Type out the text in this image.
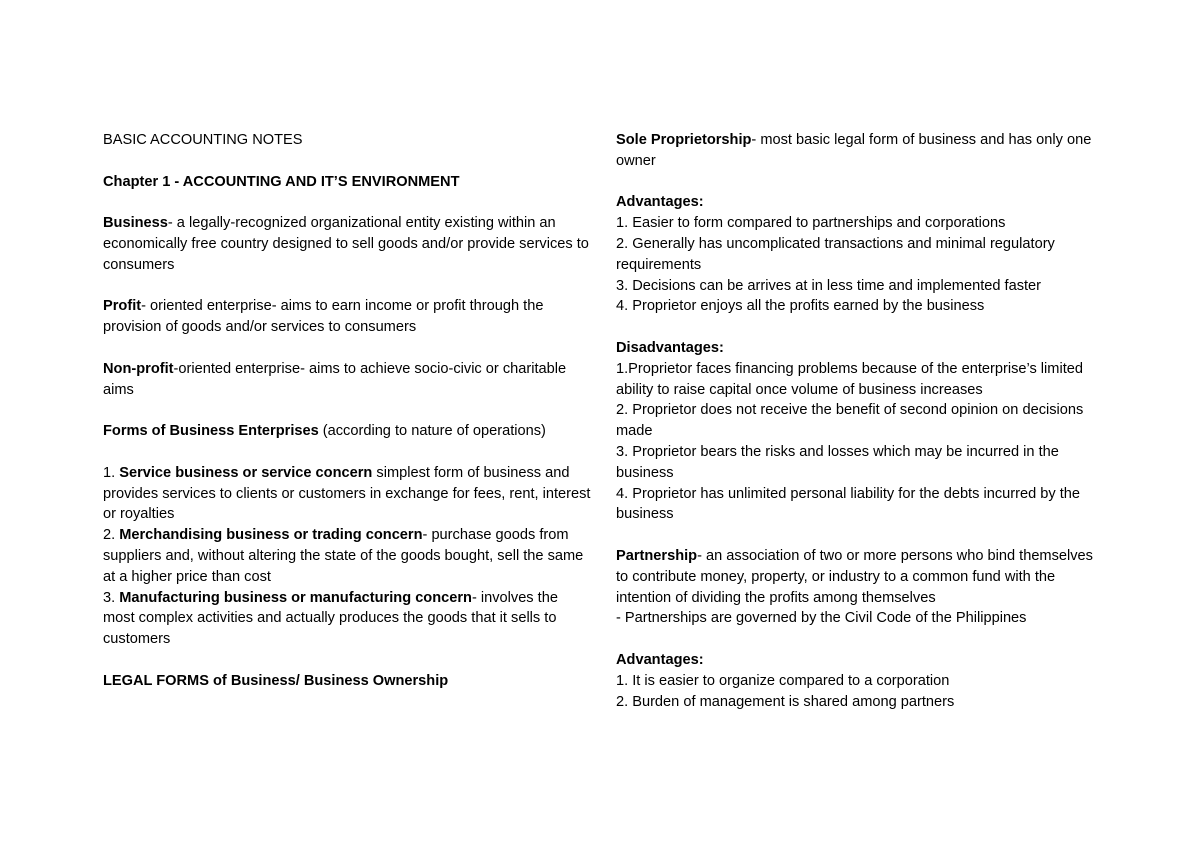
BASIC ACCOUNTING NOTES

Chapter 1 - ACCOUNTING AND IT’S ENVIRONMENT

Business- a legally-recognized organizational entity existing within an economically free country designed to sell goods and/or provide services to consumers

Profit- oriented enterprise- aims to earn income or profit through the provision of goods and/or services to consumers

Non-profit-oriented enterprise- aims to achieve socio-civic or charitable aims

Forms of Business Enterprises (according to nature of operations)

1. Service business or service concern simplest form of business and provides services to clients or customers in exchange for fees, rent, interest or royalties

2. Merchandising business or trading concern- purchase goods from suppliers and, without altering the state of the goods bought, sell the same at a higher price than cost

3. Manufacturing business or manufacturing concern- involves the most complex activities and actually produces the goods that it sells to customers

LEGAL FORMS of Business/ Business Ownership

Sole Proprietorship- most basic legal form of business and has only one owner

Advantages:

1. Easier to form compared to partnerships and corporations

2. Generally has uncomplicated transactions and minimal regulatory requirements

3. Decisions can be arrives at in less time and implemented faster

4. Proprietor enjoys all the profits earned by the business

Disadvantages:

1.Proprietor faces financing problems because of the enterprise’s limited ability to raise capital once volume of business increases

2. Proprietor does not receive the benefit of second opinion on decisions made

3. Proprietor bears the risks and losses which may be incurred in the business

4. Proprietor has unlimited personal liability for the debts incurred by the business

Partnership- an association of two or more persons who bind themselves to contribute money, property, or industry to a common fund with the intention of dividing the profits among themselves

- Partnerships are governed by the Civil Code of the Philippines

Advantages:

1. It is easier to organize compared to a corporation

2. Burden of management is shared among partners
